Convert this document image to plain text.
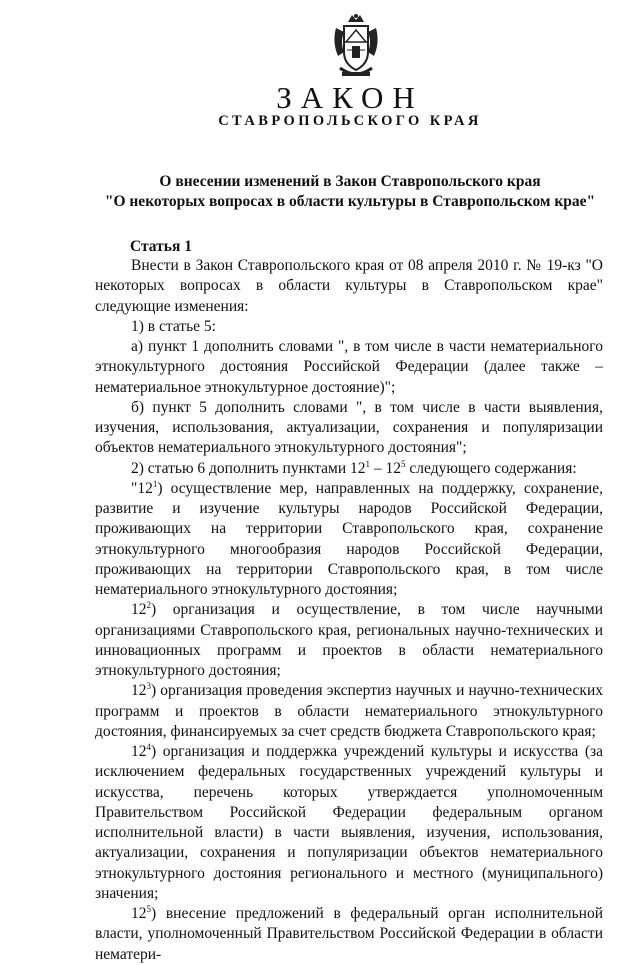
ЗАКОН
СТАВРОПОЛЬСКОГО КРАЯ
О внесении изменений в Закон Ставропольского края
"О некоторых вопросах в области культуры в Ставропольском крае"
Статья 1

Внести в Закон Ставропольского края от 08 апреля 2010 г. № 19-кз "О некоторых вопросах в области культуры в Ставропольском крае" следующие изменения:

1) в статье 5:

а) пункт 1 дополнить словами ", в том числе в части нематериального этнокультурного достояния Российской Федерации (далее также – нематериальное этнокультурное достояние)";

б) пункт 5 дополнить словами ", в том числе в части выявления, изучения, использования, актуализации, сохранения и популяризации объектов нематериального этнокультурного достояния";

2) статью 6 дополнить пунктами $12^1 - 12^5$ следующего содержания:

"$12^1$) осуществление мер, направленных на поддержку, сохранение, развитие и изучение культуры народов Российской Федерации, проживающих на территории Ставропольского края, сохранение этнокультурного многообразия народов Российской Федерации, проживающих на территории Ставропольского края, в том числе нематериального этнокультурного достояния;

$12^2$) организация и осуществление, в том числе научными организациями Ставропольского края, региональных научно-технических и инновационных программ и проектов в области нематериального этнокультурного достояния;

$12^3$) организация проведения экспертиз научных и научно-технических программ и проектов в области нематериального этнокультурного достояния, финансируемых за счет средств бюджета Ставропольского края;

$12^4$) организация и поддержка учреждений культуры и искусства (за исключением федеральных государственных учреждений культуры и искусства, перечень которых утверждается уполномоченным Правительством Российской Федерации федеральным органом исполнительной власти) в части выявления, изучения, использования, актуализации, сохранения и популяризации объектов нематериального этнокультурного достояния регионального и местного (муниципального) значения;

$12^5$) внесение предложений в федеральный орган исполнительной власти, уполномоченный Правительством Российской Федерации в области нематери-
